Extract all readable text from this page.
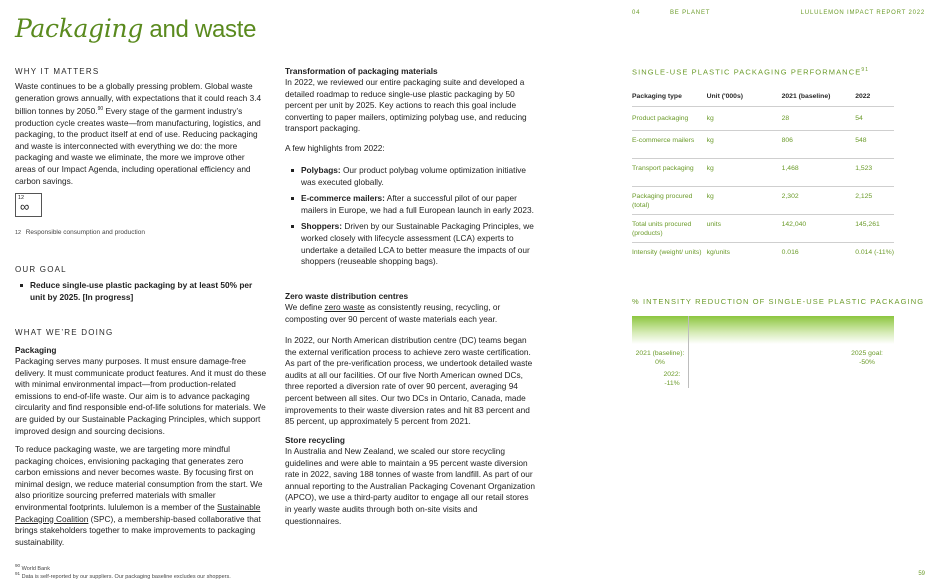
Packaging and waste
04	BE PLANET	LULULEMON IMPACT REPORT 2022
WHY IT MATTERS

Waste continues to be a globally pressing problem. Global waste generation grows annually, with expectations that it could reach 3.4 billion tonnes by 2050.90 Every stage of the garment industry’s production cycle creates waste—from manufacturing, logistics, and packaging, to the product itself at end of use. Reducing packaging and waste is interconnected with everything we do: the more packaging and waste we eliminate, the more we improve other areas of our Impact Agenda, including operational efficiency and carbon savings.

12
∞
12 Responsible consumption and production
OUR GOAL
Reduce single-use plastic packaging by at least 50% per unit by 2025. [In progress]
WHAT WE’RE DOING

Packaging

Packaging serves many purposes. It must ensure damage-free delivery. It must communicate product features. And it must do these with minimal environmental impact—from production-related emissions to end-of-life waste. Our aim is to advance packaging circularity and find responsible end-of-life solutions for materials. We are guided by our Sustainable Packaging Principles, which support improved design and sourcing decisions.

To reduce packaging waste, we are targeting more mindful packaging choices, envisioning packaging that generates zero carbon emissions and never becomes waste. By focusing first on minimal design, we reduce material consumption from the start. We also prioritize sourcing preferred materials with smaller environmental footprints. lululemon is a member of the Sustainable Packaging Coalition (SPC), a membership-based collaborative that brings stakeholders together to make improvements to packaging sustainability.

$^{90}$ World Bank
$^{91}$ Data is self-reported by our suppliers. Our packaging baseline excludes our shoppers.

Transformation of packaging materials

In 2022, we reviewed our entire packaging suite and developed a detailed roadmap to reduce single-use plastic packaging by 50 percent per unit by 2025. Key actions to reach this goal include converting to paper mailers, optimizing polybag use, and reducing transport packaging.

A few highlights from 2022:

Polybags: Our product polybag volume optimization initiative was executed globally.
E-commerce mailers: After a successful pilot of our paper mailers in Europe, we had a full European launch in early 2023.
Shoppers: Driven by our Sustainable Packaging Principles, we worked closely with lifecycle assessment (LCA) experts to undertake a detailed LCA to better measure the impacts of our shoppers (reuseable shopping bags).

Zero waste distribution centres

We define zero waste as consistently reusing, recycling, or composting over 90 percent of waste materials each year.

In 2022, our North American distribution centre (DC) teams began the external verification process to achieve zero waste certification. As part of the pre-verification process, we undertook detailed waste audits at all our facilities. Of our five North American owned DCs, three reported a diversion rate of over 90 percent, averaging 94 percent between all sites. Our two DCs in Ontario, Canada, made improvements to their waste diversion rates and hit 83 percent and 85 percent, up approximately 5 percent from 2021.

Store recycling

In Australia and New Zealand, we scaled our store recycling guidelines and were able to maintain a 95 percent waste diversion rate in 2022, saving 188 tonnes of waste from landfill. As part of our annual reporting to the Australian Packaging Covenant Organization (APCO), we use a third-party auditor to engage all our retail stores in yearly waste audits through both on-site visits and questionnaires.

SINGLE-USE PLASTIC PACKAGING PERFORMANCE$^{91}$
Packaging type	Unit ('000s)	2021 (baseline)	2022
Product packaging	kg	28	54
E-commerce mailers	kg	806	548
Transport packaging	kg	1,468	1,523
Packaging procured (total)	kg	2,302	2,125
Total units procured (products)	units	142,040	145,261
Intensity (weight/ units)	kg/units	0.016	0.014 (-11%)
% INTENSITY REDUCTION OF SINGLE-USE PLASTIC PACKAGING
2021 (baseline):
0%
2022:
-11%
2025 goal:
-50%
59
